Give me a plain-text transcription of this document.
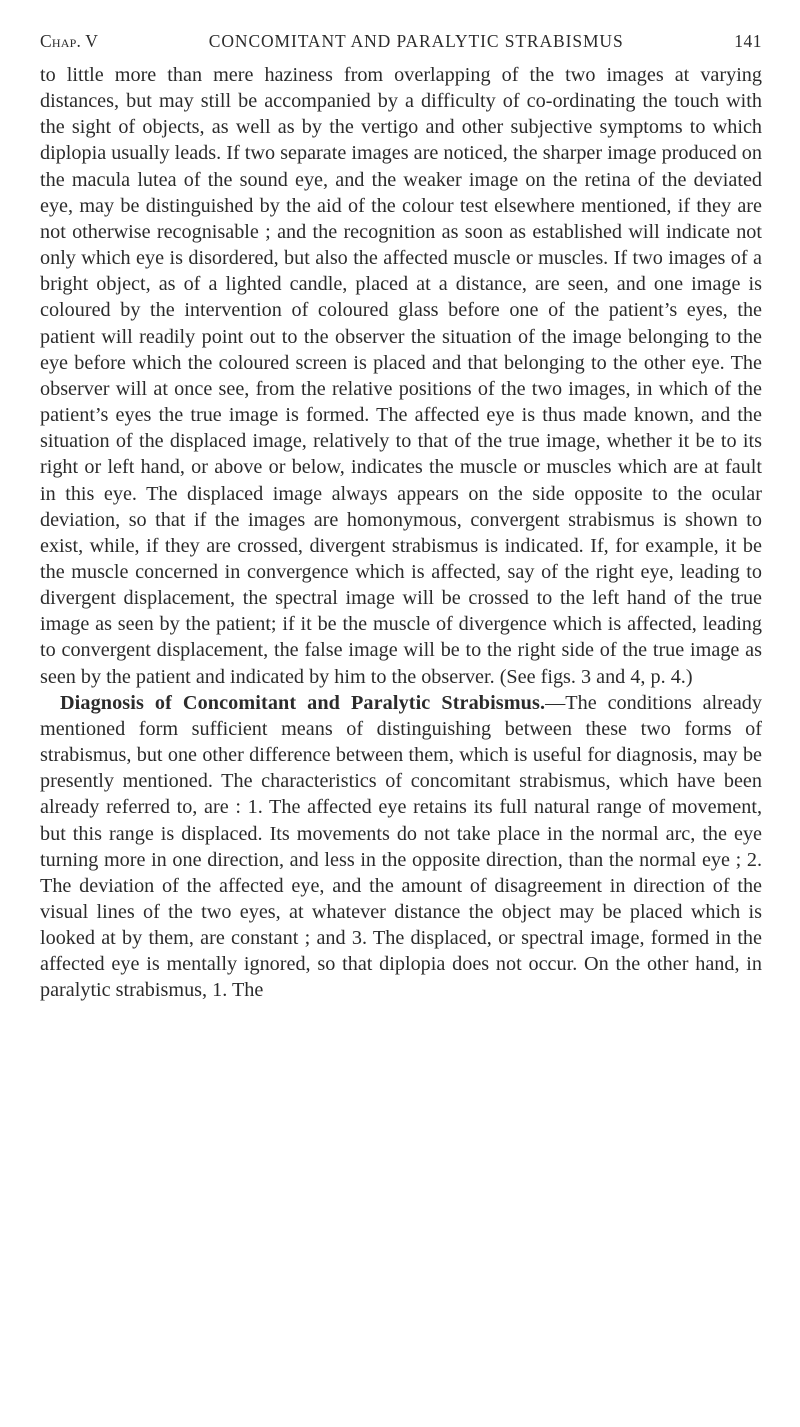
Chap. V	CONCOMITANT AND PARALYTIC STRABISMUS	141

to little more than mere haziness from overlapping of the two images at varying distances, but may still be accompanied by a difficulty of co-ordinating the touch with the sight of objects, as well as by the vertigo and other subjective symptoms to which diplopia usually leads. If two separate images are noticed, the sharper image produced on the macula lutea of the sound eye, and the weaker image on the retina of the deviated eye, may be distinguished by the aid of the colour test elsewhere mentioned, if they are not otherwise recognisable ; and the recognition as soon as established will indicate not only which eye is disordered, but also the affected muscle or muscles. If two images of a bright object, as of a lighted candle, placed at a distance, are seen, and one image is coloured by the intervention of coloured glass before one of the patient’s eyes, the patient will readily point out to the observer the situation of the image belonging to the eye before which the coloured screen is placed and that belonging to the other eye. The observer will at once see, from the relative positions of the two images, in which of the patient’s eyes the true image is formed. The affected eye is thus made known, and the situation of the displaced image, relatively to that of the true image, whether it be to its right or left hand, or above or below, indicates the muscle or muscles which are at fault in this eye. The displaced image always appears on the side opposite to the ocular deviation, so that if the images are homonymous, convergent strabismus is shown to exist, while, if they are crossed, divergent strabismus is indicated. If, for example, it be the muscle concerned in convergence which is affected, say of the right eye, leading to divergent displacement, the spectral image will be crossed to the left hand of the true image as seen by the patient; if it be the muscle of divergence which is affected, leading to convergent displacement, the false image will be to the right side of the true image as seen by the patient and indicated by him to the observer. (See figs. 3 and 4, p. 4.)

Diagnosis of Concomitant and Paralytic Strabismus.—The conditions already mentioned form sufficient means of distinguishing between these two forms of strabismus, but one other difference between them, which is useful for diagnosis, may be presently mentioned. The characteristics of concomitant strabismus, which have been already referred to, are : 1. The affected eye retains its full natural range of movement, but this range is displaced. Its movements do not take place in the normal arc, the eye turning more in one direction, and less in the opposite direction, than the normal eye ; 2. The deviation of the affected eye, and the amount of disagreement in direction of the visual lines of the two eyes, at whatever distance the object may be placed which is looked at by them, are constant ; and 3. The displaced, or spectral image, formed in the affected eye is mentally ignored, so that diplopia does not occur. On the other hand, in paralytic strabismus, 1. The
